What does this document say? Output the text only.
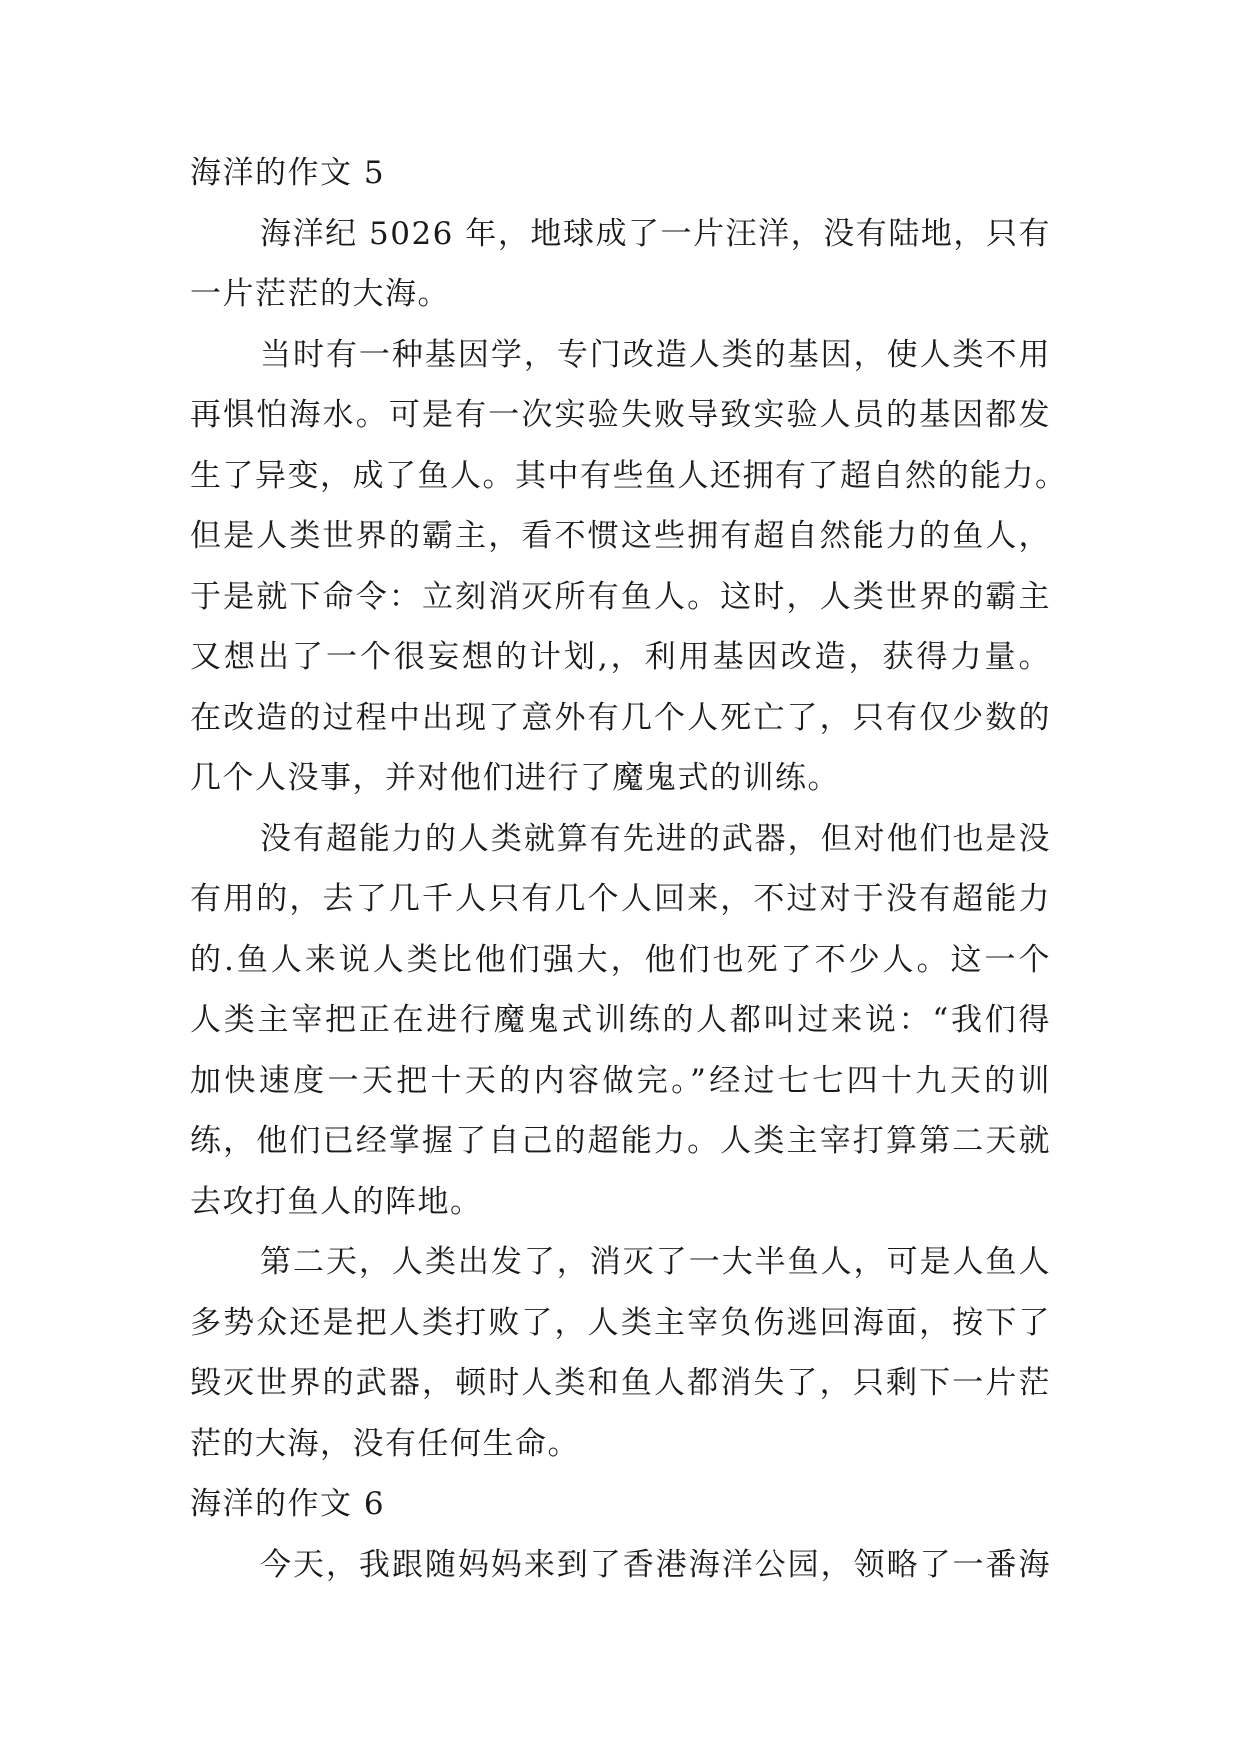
海洋的作文 5
海洋纪 5026 年，地球成了一片汪洋，没有陆地，只有
一片茫茫的大海。
当时有一种基因学，专门改造人类的基因，使人类不用
再惧怕海水。可是有一次实验失败导致实验人员的基因都发
生了异变，成了鱼人。其中有些鱼人还拥有了超自然的能力。
但是人类世界的霸主，看不惯这些拥有超自然能力的鱼人，
于是就下命令：立刻消灭所有鱼人。这时，人类世界的霸主
又想出了一个很妄想的计划,，利用基因改造，获得力量。
在改造的过程中出现了意外有几个人死亡了，只有仅少数的
几个人没事，并对他们进行了魔鬼式的训练。
没有超能力的人类就算有先进的武器，但对他们也是没
有用的，去了几千人只有几个人回来，不过对于没有超能力
的.鱼人来说人类比他们强大，他们也死了不少人。这一个
人类主宰把正在进行魔鬼式训练的人都叫过来说：“我们得
加快速度一天把十天的内容做完。”经过七七四十九天的训
练，他们已经掌握了自己的超能力。人类主宰打算第二天就
去攻打鱼人的阵地。
第二天，人类出发了，消灭了一大半鱼人，可是人鱼人
多势众还是把人类打败了，人类主宰负伤逃回海面，按下了
毁灭世界的武器，顿时人类和鱼人都消失了，只剩下一片茫
茫的大海，没有任何生命。
海洋的作文 6
今天，我跟随妈妈来到了香港海洋公园，领略了一番海
